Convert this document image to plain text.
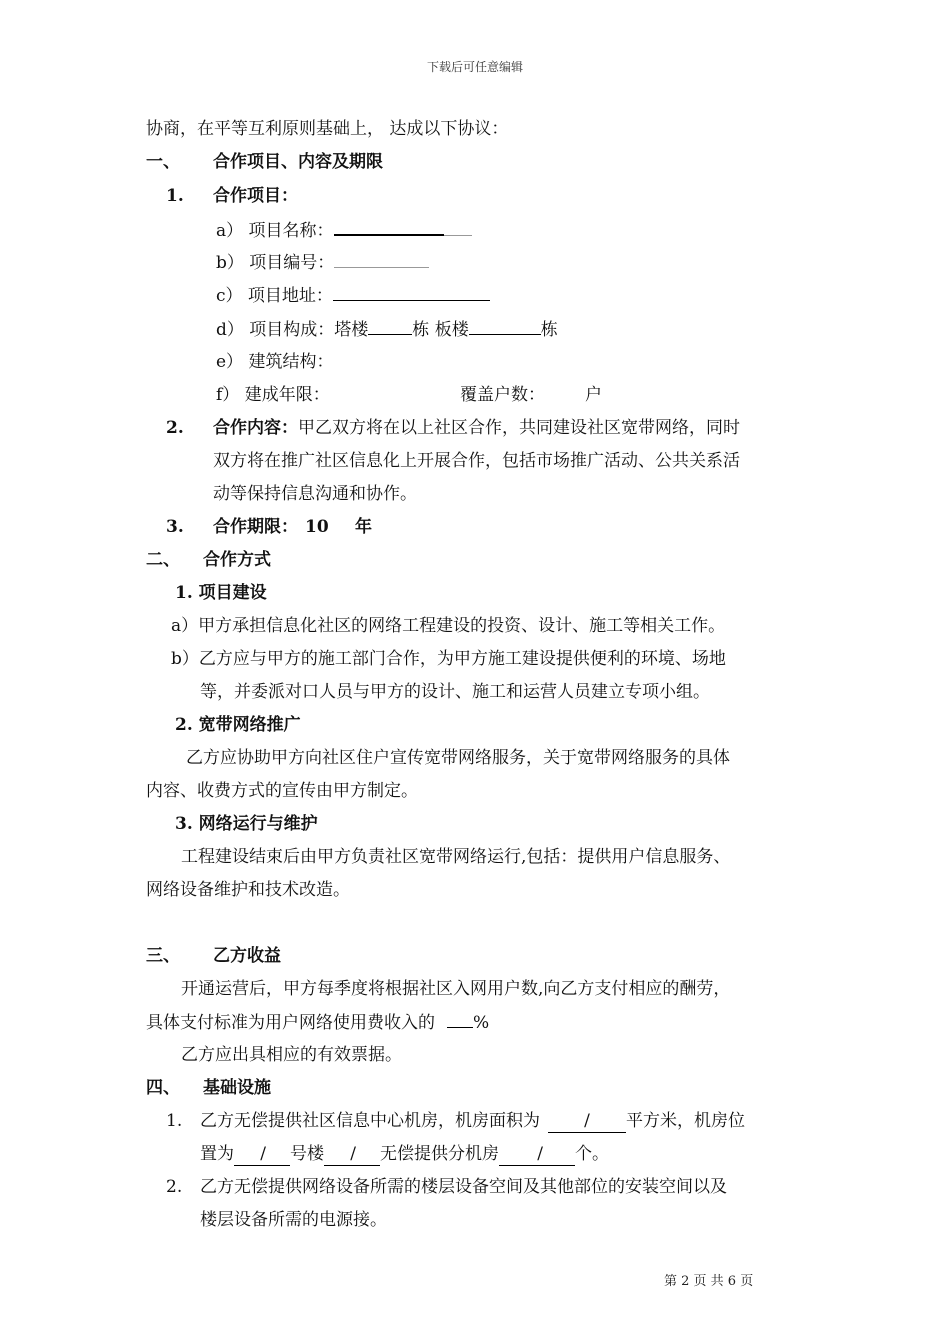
下载后可任意编辑
协商，在平等互利原则基础上， 达成以下协议：
一、 合作项目、内容及期限
1. 合作项目：
a） 项目名称：
b） 项目编号：
c） 项目地址：
d） 项目构成：塔楼	栋 板楼	栋
e） 建筑结构：
f） 建成年限：	覆盖户数： 户
2. 合作内容：甲乙双方将在以上社区合作，共同建设社区宽带网络，同时
双方将在推广社区信息化上开展合作，包括市场推广活动、公共关系活
动等保持信息沟通和协作。
3. 合作期限： 10 年
二、 合作方式
1. 项目建设
a）甲方承担信息化社区的网络工程建设的投资、设计、施工等相关工作。
b）乙方应与甲方的施工部门合作，为甲方施工建设提供便利的环境、场地
等，并委派对口人员与甲方的设计、施工和运营人员建立专项小组。
2. 宽带网络推广
乙方应协助甲方向社区住户宣传宽带网络服务，关于宽带网络服务的具体
内容、收费方式的宣传由甲方制定。
3. 网络运行与维护
工程建设结束后由甲方负责社区宽带网络运行,包括：提供用户信息服务、
网络设备维护和技术改造。
三、 乙方收益
开通运营后，甲方每季度将根据社区入网用户数,向乙方支付相应的酬劳，
具体支付标准为用户网络使用费收入的 %
乙方应出具相应的有效票据。
四、 基础设施
1. 乙方无偿提供社区信息中心机房，机房面积为	/ 平方米，机房位
置为 / 号楼 / 无偿提供分机房 / 个。
2. 乙方无偿提供网络设备所需的楼层设备空间及其他部位的安装空间以及
楼层设备所需的电源接。
第 2 页 共 6 页
